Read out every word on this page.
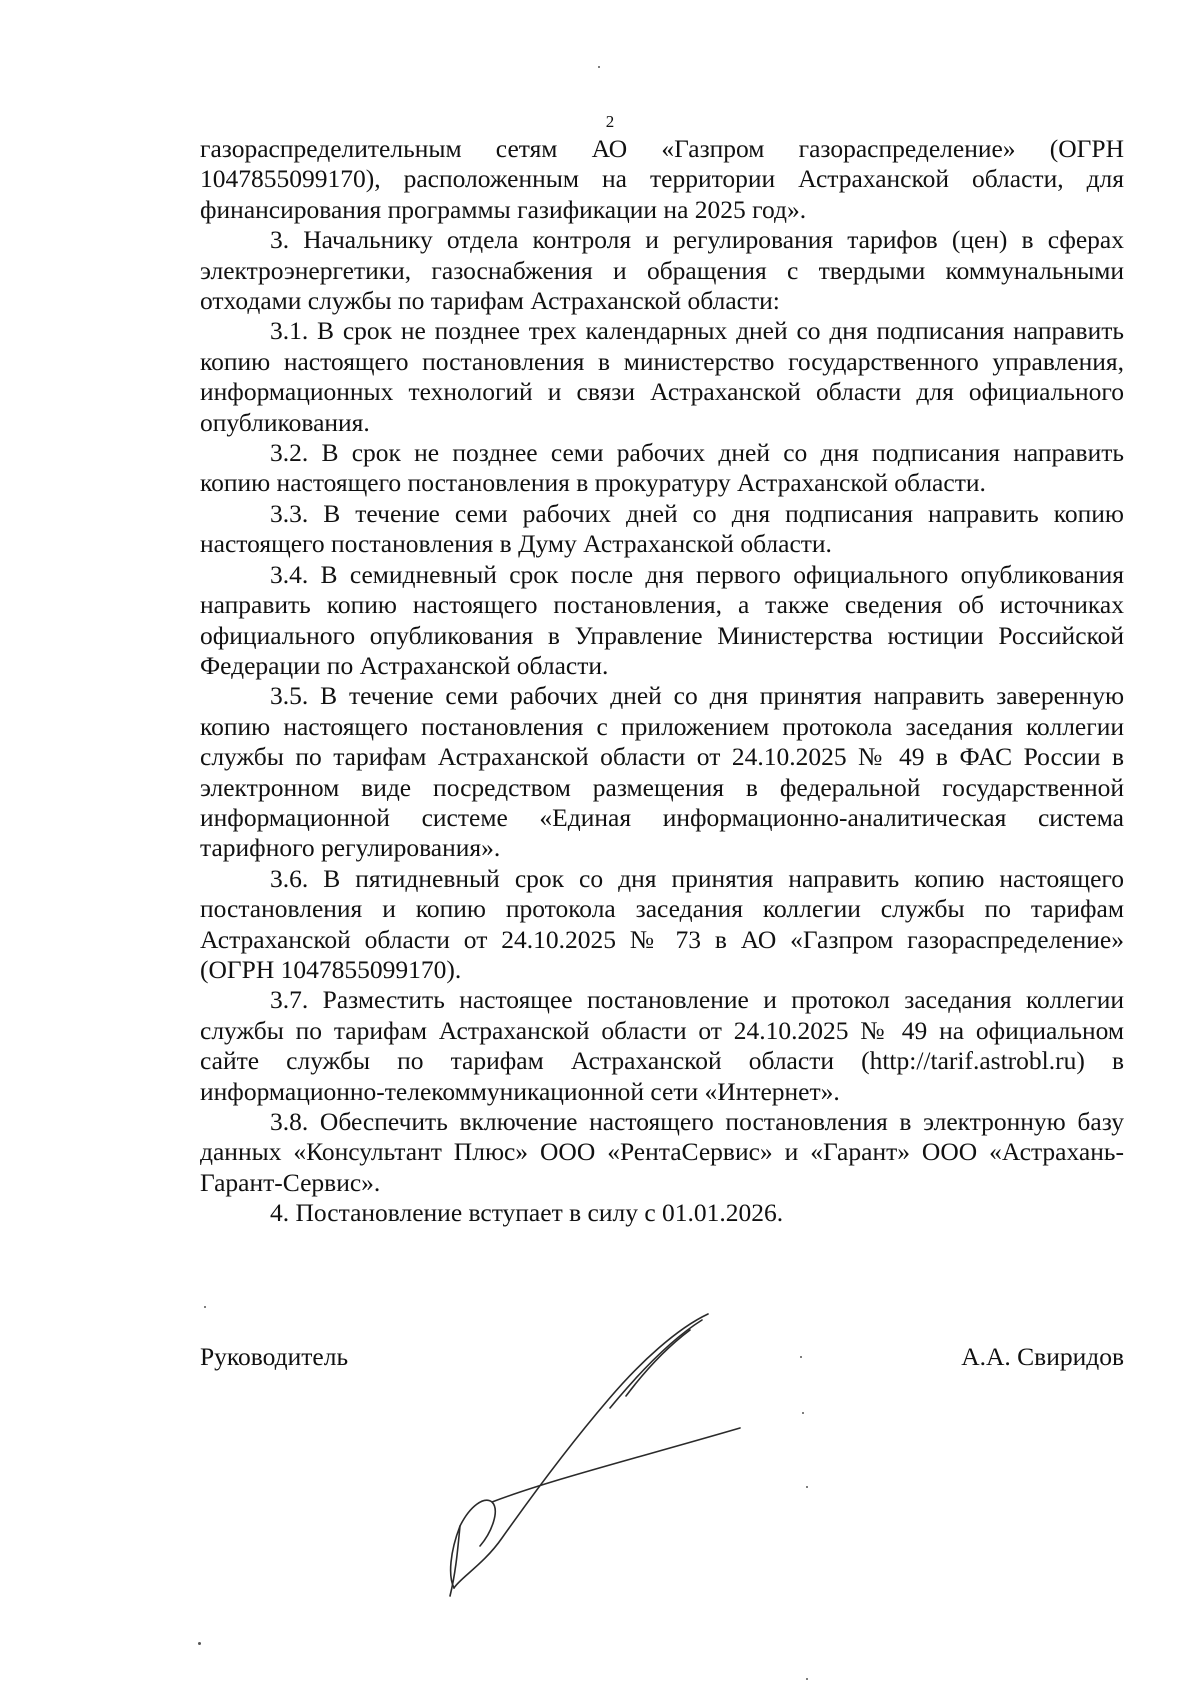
2

газораспределительным сетям АО «Газпром газораспределение» (ОГРН 1047855099170), расположенным на территории Астраханской области, для финансирования программы газификации на 2025 год».

3. Начальнику отдела контроля и регулирования тарифов (цен) в сферах электроэнергетики, газоснабжения и обращения с твердыми коммунальными отходами службы по тарифам Астраханской области:

3.1. В срок не позднее трех календарных дней со дня подписания направить копию настоящего постановления в министерство государственного управления, информационных технологий и связи Астраханской области для официального опубликования.

3.2. В срок не позднее семи рабочих дней со дня подписания направить копию настоящего постановления в прокуратуру Астраханской области.

3.3. В течение семи рабочих дней со дня подписания направить копию настоящего постановления в Думу Астраханской области.

3.4. В семидневный срок после дня первого официального опубликования направить копию настоящего постановления, а также сведения об источниках официального опубликования в Управление Министерства юстиции Российской Федерации по Астраханской области.

3.5. В течение семи рабочих дней со дня принятия направить заверенную копию настоящего постановления с приложением протокола заседания коллегии службы по тарифам Астраханской области от 24.10.2025 № 49 в ФАС России в электронном виде посредством размещения в федеральной государственной информационной системе «Единая информационно-аналитическая система тарифного регулирования».

3.6. В пятидневный срок со дня принятия направить копию настоящего постановления и копию протокола заседания коллегии службы по тарифам Астраханской области от 24.10.2025 № 73 в АО «Газпром газораспределение» (ОГРН 1047855099170).

3.7. Разместить настоящее постановление и протокол заседания коллегии службы по тарифам Астраханской области от 24.10.2025 № 49 на официальном сайте службы по тарифам Астраханской области (http://tarif.astrobl.ru) в информационно-телекоммуникационной сети «Интернет».

3.8. Обеспечить включение настоящего постановления в электронную базу данных «Консультант Плюс» ООО «РентаСервис» и «Гарант» ООО «Астрахань-Гарант-Сервис».

4. Постановление вступает в силу с 01.01.2026.

Руководитель	А.А. Свиридов
